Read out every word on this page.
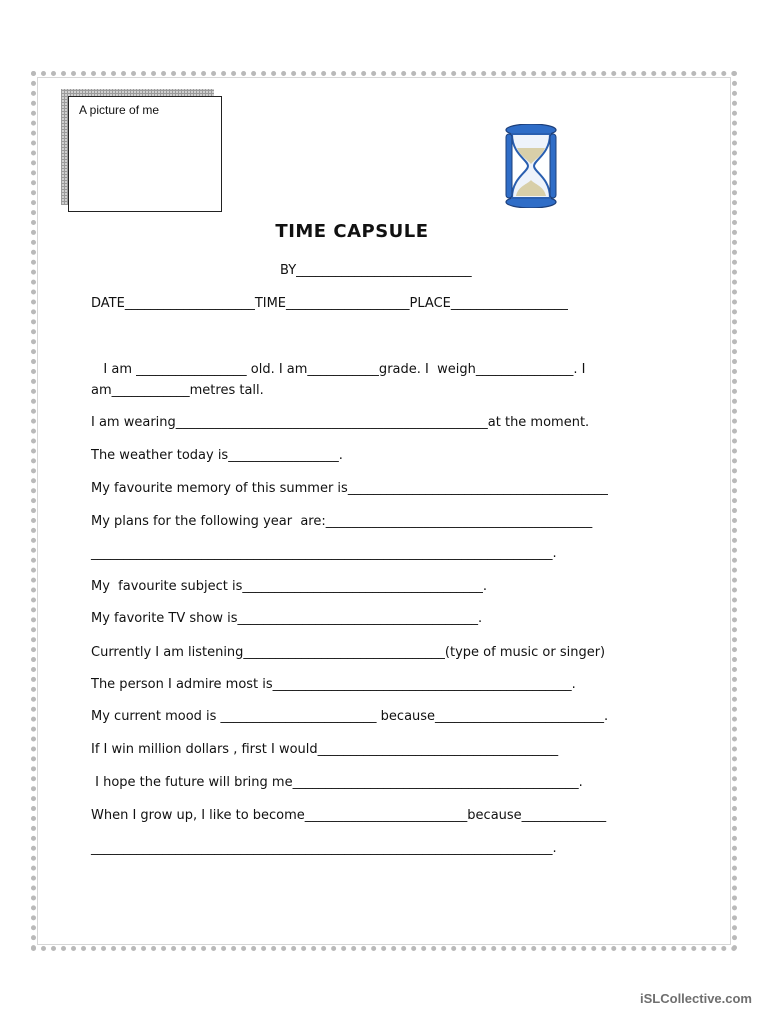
A picture of me
TIME CAPSULE
BY___________________________
DATE____________________TIME___________________PLACE__________________
I am _________________ old. I am___________grade. I  weigh_______________. I
am____________metres tall.
I am wearing________________________________________________at the moment.
The weather today is_________________.
My favourite memory of this summer is________________________________________
My plans for the following year  are:_________________________________________
_______________________________________________________________________.
My  favourite subject is_____________________________________.
My favorite TV show is_____________________________________.
Currently I am listening_______________________________(type of music or singer)
The person I admire most is______________________________________________.
My current mood is ________________________ because__________________________.
If I win million dollars , first I would_____________________________________
I hope the future will bring me____________________________________________.
When I grow up, I like to become_________________________because_____________
_______________________________________________________________________.
iSLCollective.com
